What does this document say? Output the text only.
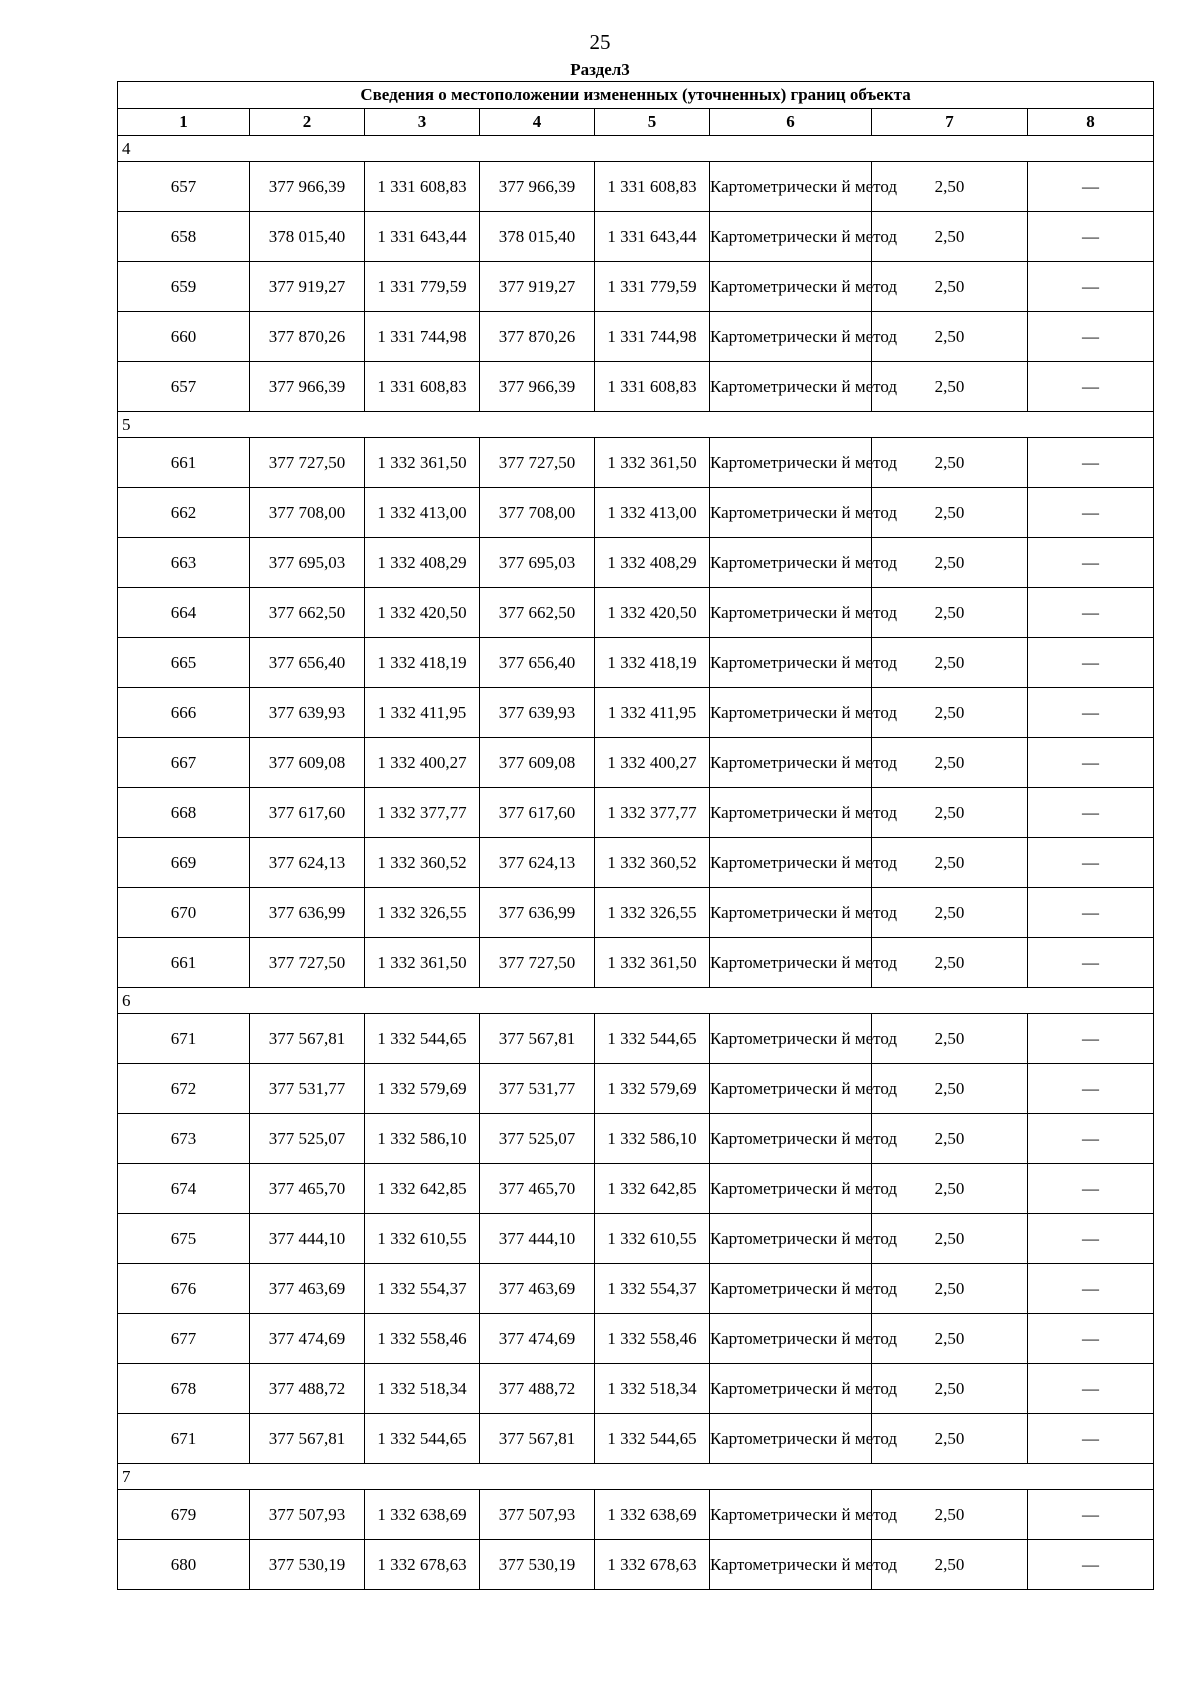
25
Раздел3
Сведения о местоположении измененных (уточненных) границ объекта							
1	2	3	4	5	6	7	8
4							
657	377 966,39	1 331 608,83	377 966,39	1 331 608,83	Картометрически й метод	2,50	—
658	378 015,40	1 331 643,44	378 015,40	1 331 643,44	Картометрически й метод	2,50	—
659	377 919,27	1 331 779,59	377 919,27	1 331 779,59	Картометрически й метод	2,50	—
660	377 870,26	1 331 744,98	377 870,26	1 331 744,98	Картометрически й метод	2,50	—
657	377 966,39	1 331 608,83	377 966,39	1 331 608,83	Картометрически й метод	2,50	—
5							
661	377 727,50	1 332 361,50	377 727,50	1 332 361,50	Картометрически й метод	2,50	—
662	377 708,00	1 332 413,00	377 708,00	1 332 413,00	Картометрически й метод	2,50	—
663	377 695,03	1 332 408,29	377 695,03	1 332 408,29	Картометрически й метод	2,50	—
664	377 662,50	1 332 420,50	377 662,50	1 332 420,50	Картометрически й метод	2,50	—
665	377 656,40	1 332 418,19	377 656,40	1 332 418,19	Картометрически й метод	2,50	—
666	377 639,93	1 332 411,95	377 639,93	1 332 411,95	Картометрически й метод	2,50	—
667	377 609,08	1 332 400,27	377 609,08	1 332 400,27	Картометрически й метод	2,50	—
668	377 617,60	1 332 377,77	377 617,60	1 332 377,77	Картометрически й метод	2,50	—
669	377 624,13	1 332 360,52	377 624,13	1 332 360,52	Картометрически й метод	2,50	—
670	377 636,99	1 332 326,55	377 636,99	1 332 326,55	Картометрически й метод	2,50	—
661	377 727,50	1 332 361,50	377 727,50	1 332 361,50	Картометрически й метод	2,50	—
6							
671	377 567,81	1 332 544,65	377 567,81	1 332 544,65	Картометрически й метод	2,50	—
672	377 531,77	1 332 579,69	377 531,77	1 332 579,69	Картометрически й метод	2,50	—
673	377 525,07	1 332 586,10	377 525,07	1 332 586,10	Картометрически й метод	2,50	—
674	377 465,70	1 332 642,85	377 465,70	1 332 642,85	Картометрически й метод	2,50	—
675	377 444,10	1 332 610,55	377 444,10	1 332 610,55	Картометрически й метод	2,50	—
676	377 463,69	1 332 554,37	377 463,69	1 332 554,37	Картометрически й метод	2,50	—
677	377 474,69	1 332 558,46	377 474,69	1 332 558,46	Картометрически й метод	2,50	—
678	377 488,72	1 332 518,34	377 488,72	1 332 518,34	Картометрически й метод	2,50	—
671	377 567,81	1 332 544,65	377 567,81	1 332 544,65	Картометрически й метод	2,50	—
7							
679	377 507,93	1 332 638,69	377 507,93	1 332 638,69	Картометрически й метод	2,50	—
680	377 530,19	1 332 678,63	377 530,19	1 332 678,63	Картометрически й метод	2,50	—
